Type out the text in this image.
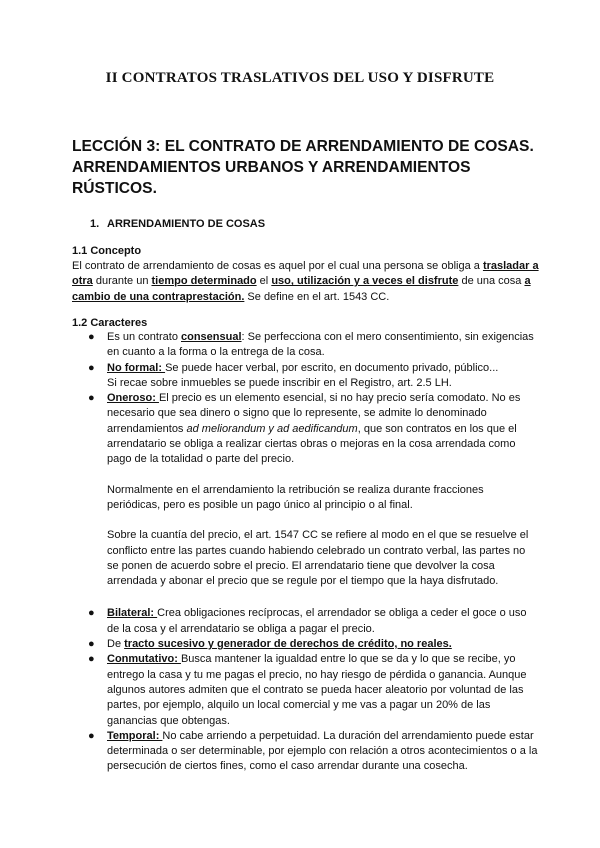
II CONTRATOS TRASLATIVOS DEL USO Y DISFRUTE
LECCIÓN 3: EL CONTRATO DE ARRENDAMIENTO DE COSAS.
ARRENDAMIENTOS URBANOS Y ARRENDAMIENTOS
RÚSTICOS.
1. ARRENDAMIENTO DE COSAS
1.1 Concepto
El contrato de arrendamiento de cosas es aquel por el cual una persona se obliga a trasladar a otra durante un tiempo determinado el uso, utilización y a veces el disfrute de una cosa a cambio de una contraprestación. Se define en el art. 1543 CC.
1.2 Caracteres
●	Es un contrato consensual: Se perfecciona con el mero consentimiento, sin exigencias en cuanto a la forma o la entrega de la cosa.
●	No formal: Se puede hacer verbal, por escrito, en documento privado, público...
Si recae sobre inmuebles se puede inscribir en el Registro, art. 2.5 LH.
●	Oneroso: El precio es un elemento esencial, si no hay precio sería comodato. No es necesario que sea dinero o signo que lo represente, se admite lo denominado arrendamientos ad meliorandum y ad aedificandum, que son contratos en los que el arrendatario se obliga a realizar ciertas obras o mejoras en la cosa arrendada como pago de la totalidad o parte del precio.
Normalmente en el arrendamiento la retribución se realiza durante fracciones periódicas, pero es posible un pago único al principio o al final.
Sobre la cuantía del precio, el art. 1547 CC se refiere al modo en el que se resuelve el conflicto entre las partes cuando habiendo celebrado un contrato verbal, las partes no se ponen de acuerdo sobre el precio. El arrendatario tiene que devolver la cosa arrendada y abonar el precio que se regule por el tiempo que la haya disfrutado.
●	Bilateral: Crea obligaciones recíprocas, el arrendador se obliga a ceder el goce o uso de la cosa y el arrendatario se obliga a pagar el precio.
●	De tracto sucesivo y generador de derechos de crédito, no reales.
●	Conmutativo: Busca mantener la igualdad entre lo que se da y lo que se recibe, yo entrego la casa y tu me pagas el precio, no hay riesgo de pérdida o ganancia. Aunque algunos autores admiten que el contrato se pueda hacer aleatorio por voluntad de las partes, por ejemplo, alquilo un local comercial y me vas a pagar un 20% de las ganancias que obtengas.
●	Temporal: No cabe arriendo a perpetuidad. La duración del arrendamiento puede estar determinada o ser determinable, por ejemplo con relación a otros acontecimientos o a la persecución de ciertos fines, como el caso arrendar durante una cosecha.
